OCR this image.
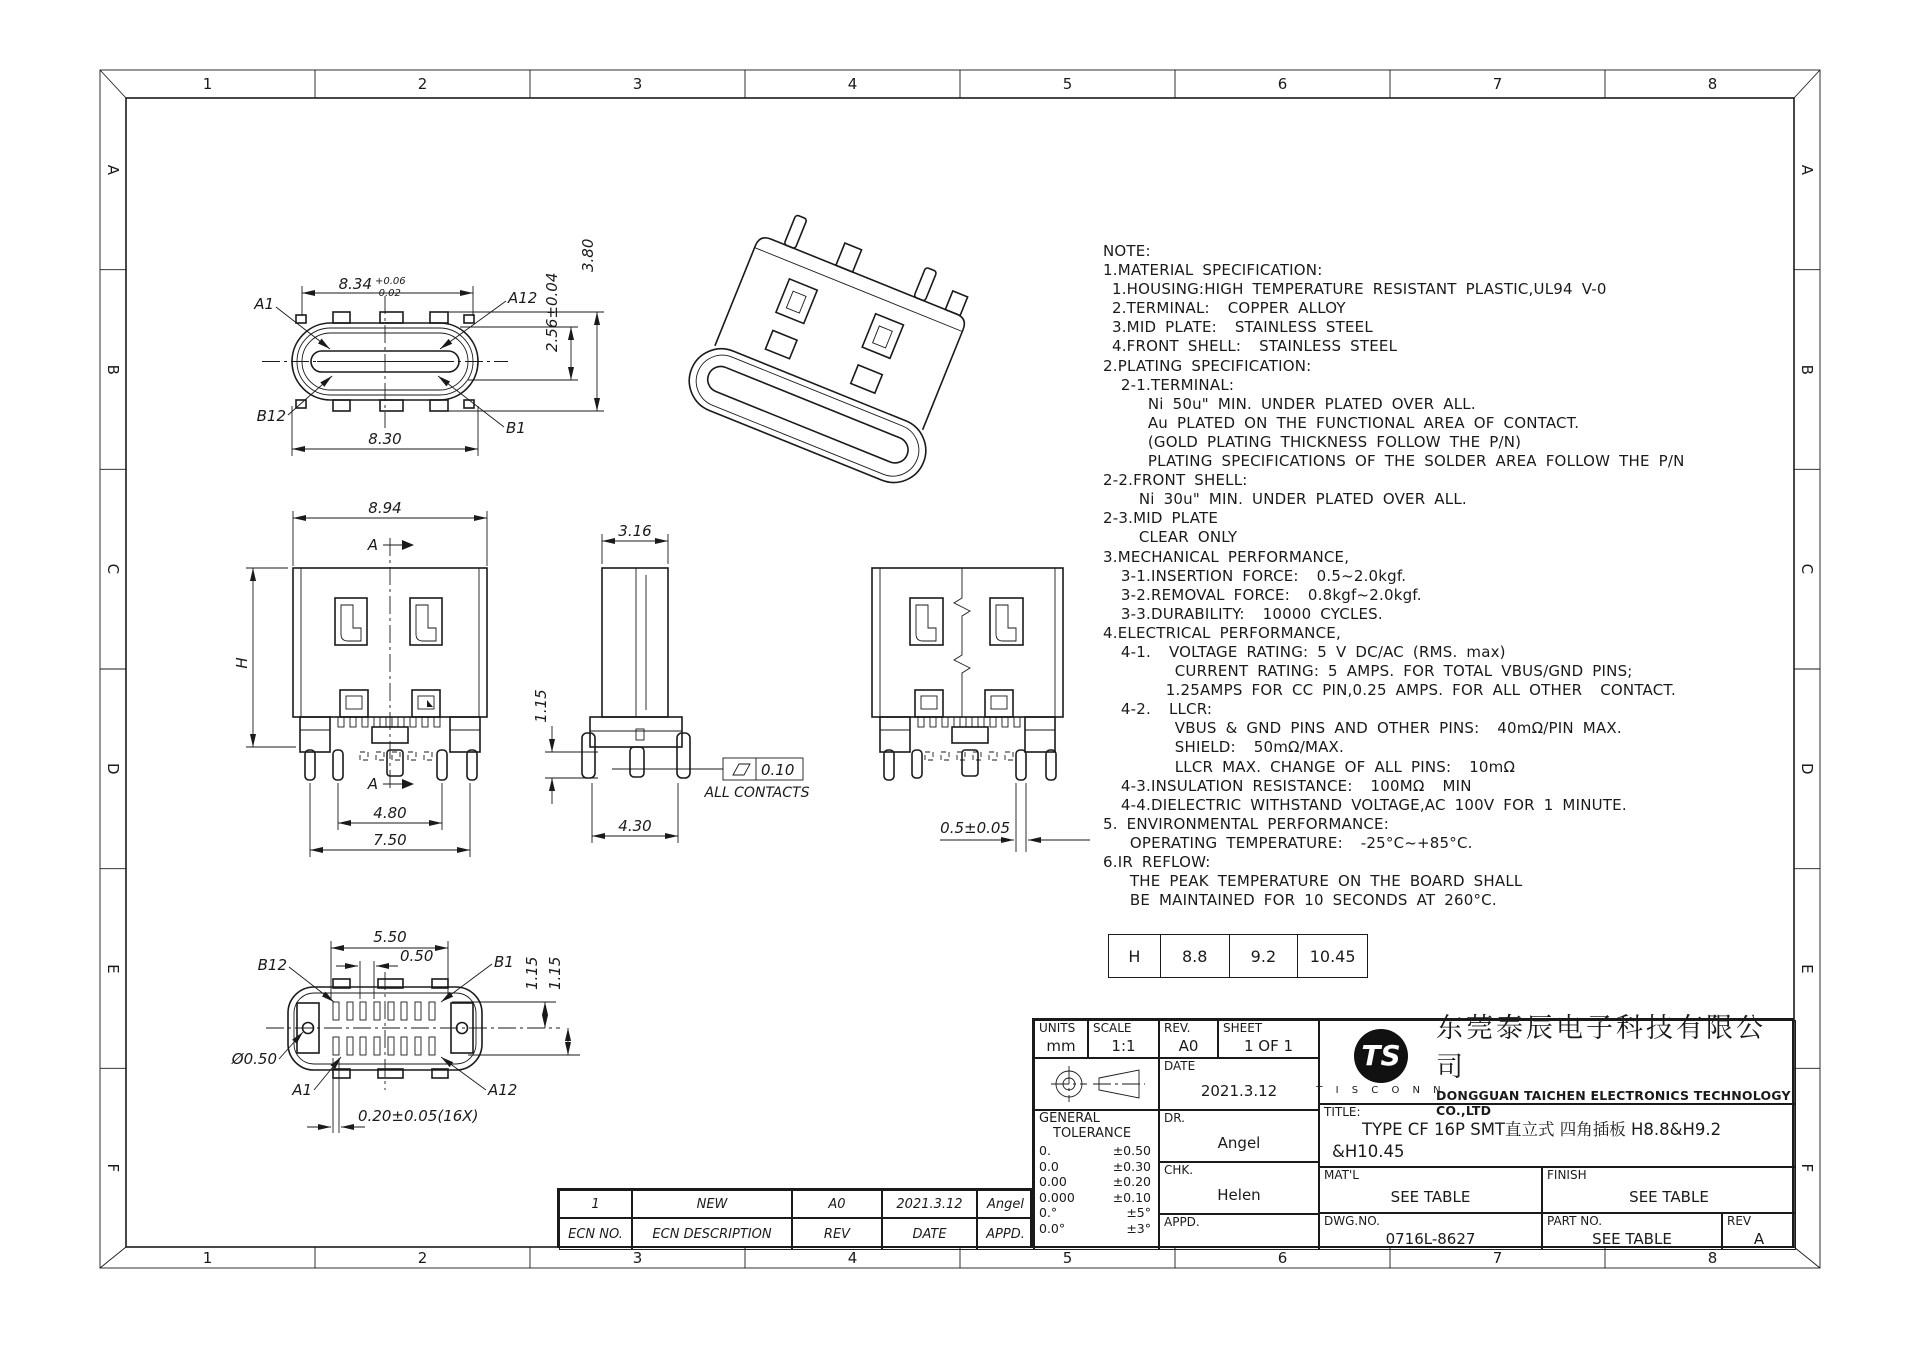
8.34 +0.06
-0.02
A1	A12
B12
B1
8.30
2.56±0.04
3.80
8.94
A
A
H
4.80
7.50
0.10
ALL CONTACTS
3.16
1.15
4.30	0.5±0.05
5.50
0.50
B12	B1
Ø0.50
A1	A12
0.20±0.05(16X)
1.15 1.15
1	2	3	4	5	6	7	8
1	2	3	4	5	6	7	8
A
B
C
D
E
F
A
B
C
D
E
F
NOTE:
1.MATERIAL SPECIFICATION:
1.HOUSING:HIGH TEMPERATURE RESISTANT PLASTIC,UL94 V-0
2.TERMINAL:  COPPER ALLOY
3.MID PLATE:  STAINLESS STEEL
4.FRONT SHELL:  STAINLESS STEEL
2.PLATING SPECIFICATION:
2-1.TERMINAL:
Ni 50u" MIN. UNDER PLATED OVER ALL.
Au PLATED ON THE FUNCTIONAL AREA OF CONTACT.
(GOLD PLATING THICKNESS FOLLOW THE P/N)
PLATING SPECIFICATIONS OF THE SOLDER AREA FOLLOW THE P/N
2-2.FRONT SHELL:
Ni 30u" MIN. UNDER PLATED OVER ALL.
2-3.MID PLATE
CLEAR ONLY
3.MECHANICAL PERFORMANCE,
3-1.INSERTION FORCE:  0.5~2.0kgf.
3-2.REMOVAL FORCE:  0.8kgf~2.0kgf.
3-3.DURABILITY:  10000 CYCLES.
4.ELECTRICAL PERFORMANCE,
4-1.  VOLTAGE RATING: 5 V DC/AC (RMS. max)
CURRENT RATING: 5 AMPS. FOR TOTAL VBUS/GND PINS;
1.25AMPS FOR CC PIN,0.25 AMPS. FOR ALL OTHER  CONTACT.
4-2.  LLCR:
VBUS & GND PINS AND OTHER PINS:  40mΩ/PIN MAX.
SHIELD:  50mΩ/MAX.
LLCR MAX. CHANGE OF ALL PINS:  10mΩ
4-3.INSULATION RESISTANCE:  100MΩ  MIN
4-4.DIELECTRIC WITHSTAND VOLTAGE,AC 100V FOR 1 MINUTE.
5. ENVIRONMENTAL PERFORMANCE:
OPERATING TEMPERATURE:  -25°C~+85°C.
6.IR REFLOW:
THE PEAK TEMPERATURE ON THE BOARD SHALL
BE MAINTAINED FOR 10 SECONDS AT 260°C.
H	8.8	9.2	10.45
1	NEW	A0	2021.3.12	Angel
ECN NO.	ECN DESCRIPTION	REV	DATE	APPD.
UNITS
mm
SCALE
1:1
REV.
A0
SHEET
1 OF 1
DATE
2021.3.12
GENERAL
TOLERANCE
0.	±0.50
0.0	±0.30
0.00	±0.20
0.000	±0.10
0.°	±5°
0.0°	±3°
DR.
Angel
CHK.
Helen
APPD.
TS
T I S C O N N
东莞泰辰电子科技有限公司
DONGGUAN TAICHEN ELECTRONICS TECHNOLOGY CO.,LTD
TITLE:
TYPE CF 16P SMT直立式 四角插板 H8.8&H9.2
&H10.45
MAT'L
SEE TABLE
FINISH
SEE TABLE
DWG.NO.
0716L-8627
PART NO.
SEE TABLE
REV
A
